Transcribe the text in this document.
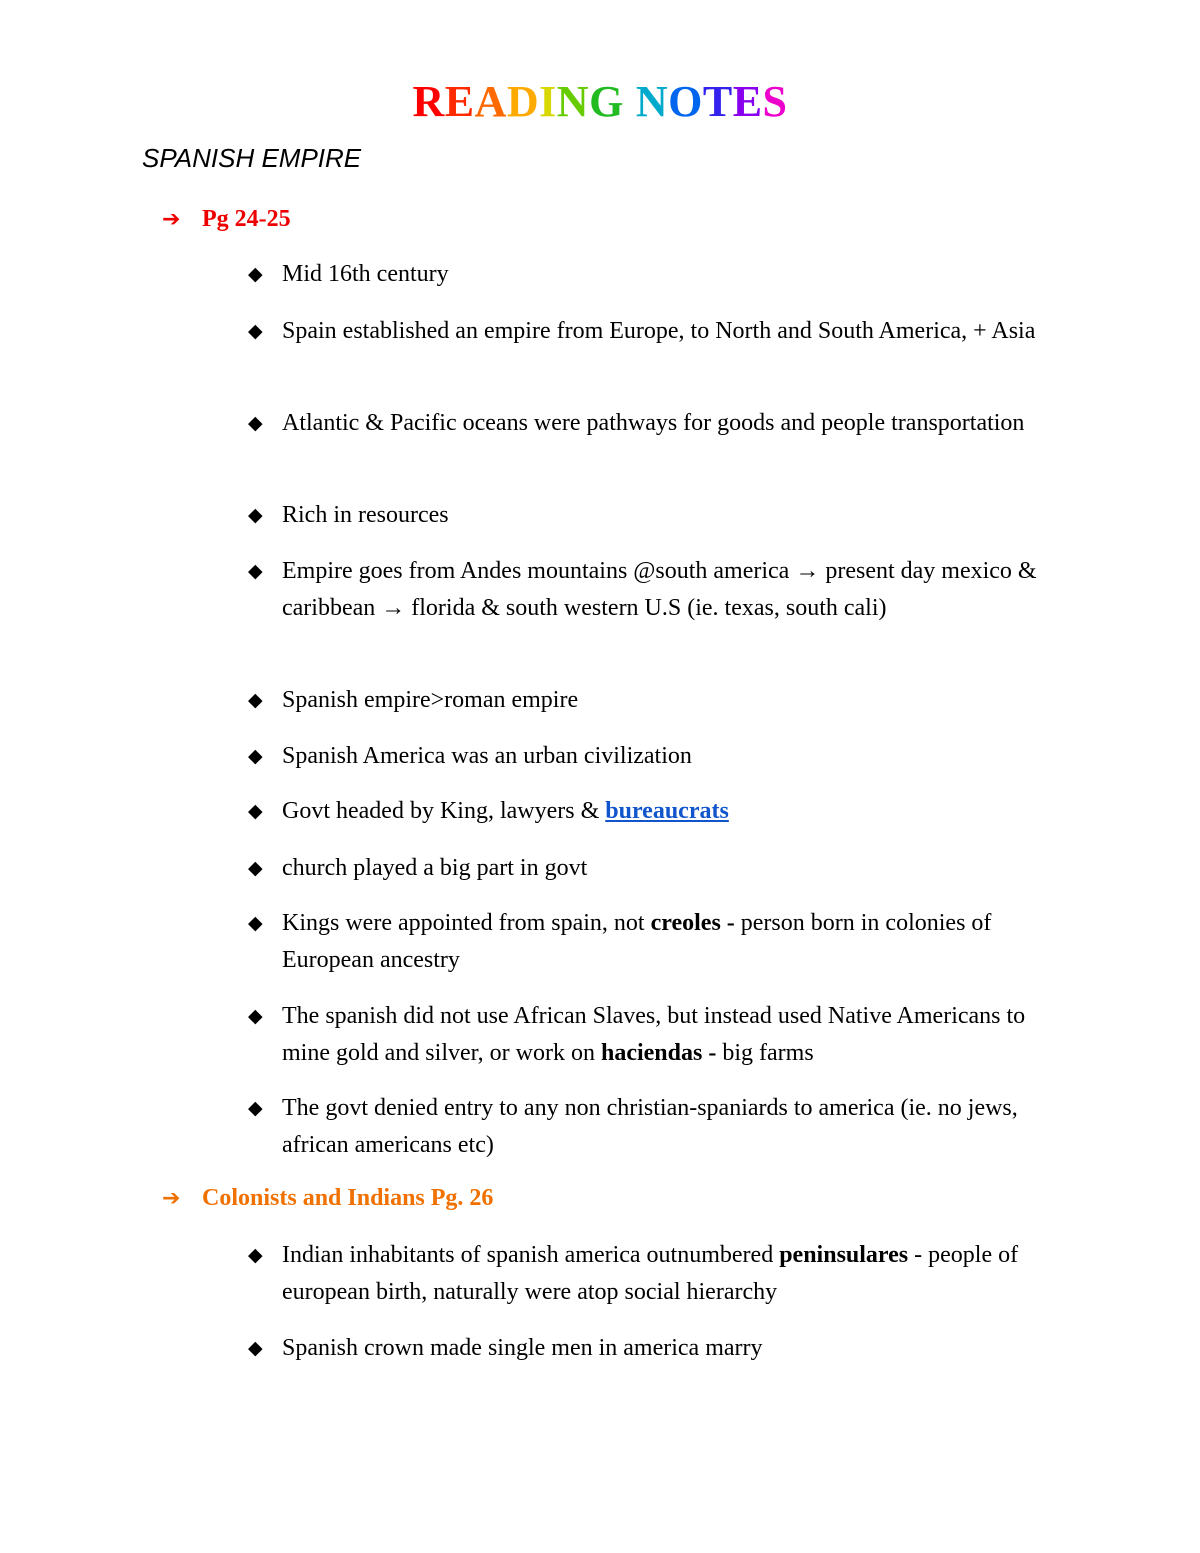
READING NOTES
SPANISH EMPIRE
➔ Pg 24-25
◆ Mid 16th century
◆ Spain established an empire from Europe, to North and South America, + Asia
◆ Atlantic & Pacific oceans were pathways for goods and people transportation
◆ Rich in resources
◆ Empire goes from Andes mountains @south america → present day mexico & caribbean → florida & south western U.S (ie. texas, south cali)
◆ Spanish empire>roman empire
◆ Spanish America was an urban civilization
◆ Govt headed by King, lawyers & bureaucrats
◆ church played a big part in govt
◆ Kings were appointed from spain, not creoles - person born in colonies of European ancestry
◆ The spanish did not use African Slaves, but instead used Native Americans to mine gold and silver, or work on haciendas - big farms
◆ The govt denied entry to any non christian-spaniards to america (ie. no jews, african americans etc)
➔ Colonists and Indians Pg. 26
◆ Indian inhabitants of spanish america outnumbered peninsulares - people of european birth, naturally were atop social hierarchy
◆ Spanish crown made single men in america marry
